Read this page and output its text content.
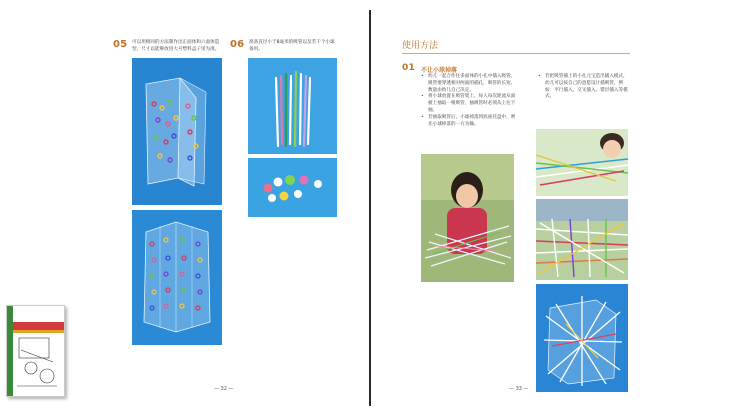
05 可以用相同的方法制作出正面体和六面体造型，尺寸以能够放进大号塑料盒子里为准。 06 准备直径小于8毫米的吸管以及若干个小球备用。
— 32 —
使用方法
01 不让小球掉落
• 幼儿一起合作往多面体的小孔中插入吸管，吸管要穿透相对两面的插孔，吸管的长短、数量由幼儿自己决定。
• 将小球放置在吸管架上，每人每次轮流从面板上抽取一根吸管，抽吸管时必须从上往下抽。
• 若抽取吸管后，小球掉落到底座托盘中，则先小球掉落的一方为输。
• 若把吸管插上的小孔元宝造出插入模式，幼儿可以按自己的意愿设计插吸管，例如：平行插入、交叉插入、错层插入等模式。
— 33 —
